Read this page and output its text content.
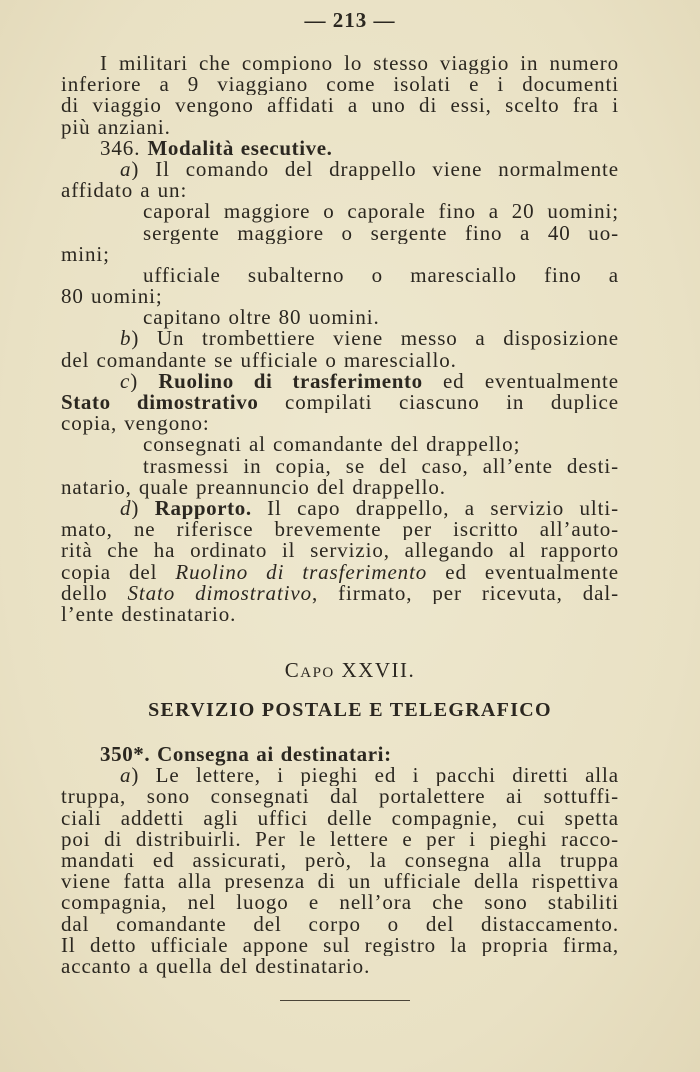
— 213 —
I militari che compiono lo stesso viaggio in numero
inferiore a 9 viaggiano come isolati e i documenti
di viaggio vengono affidati a uno di essi, scelto fra i
più anziani.
346. Modalità esecutive.
a) Il comando del drappello viene normalmente
affidato a un:
caporal maggiore o caporale fino a 20 uomini;
sergente maggiore o sergente fino a 40 uo-
mini;
ufficiale subalterno o maresciallo fino a
80 uomini;
capitano oltre 80 uomini.
b) Un trombettiere viene messo a disposizione
del comandante se ufficiale o maresciallo.
c) Ruolino di trasferimento ed eventualmente
Stato dimostrativo compilati ciascuno in duplice
copia, vengono:
consegnati al comandante del drappello;
trasmessi in copia, se del caso, all’ente desti-
natario, quale preannuncio del drappello.
d) Rapporto. Il capo drappello, a servizio ulti-
mato, ne riferisce brevemente per iscritto all’auto-
rità che ha ordinato il servizio, allegando al rapporto
copia del Ruolino di trasferimento ed eventualmente
dello Stato dimostrativo, firmato, per ricevuta, dal-
l’ente destinatario.
Capo XXVII.
SERVIZIO POSTALE E TELEGRAFICO
350*. Consegna ai destinatari:
a) Le lettere, i pieghi ed i pacchi diretti alla
truppa, sono consegnati dal portalettere ai sottuffi-
ciali addetti agli uffici delle compagnie, cui spetta
poi di distribuirli. Per le lettere e per i pieghi racco-
mandati ed assicurati, però, la consegna alla truppa
viene fatta alla presenza di un ufficiale della rispettiva
compagnia, nel luogo e nell’ora che sono stabiliti
dal comandante del corpo o del distaccamento.
Il detto ufficiale appone sul registro la propria firma,
accanto a quella del destinatario.
